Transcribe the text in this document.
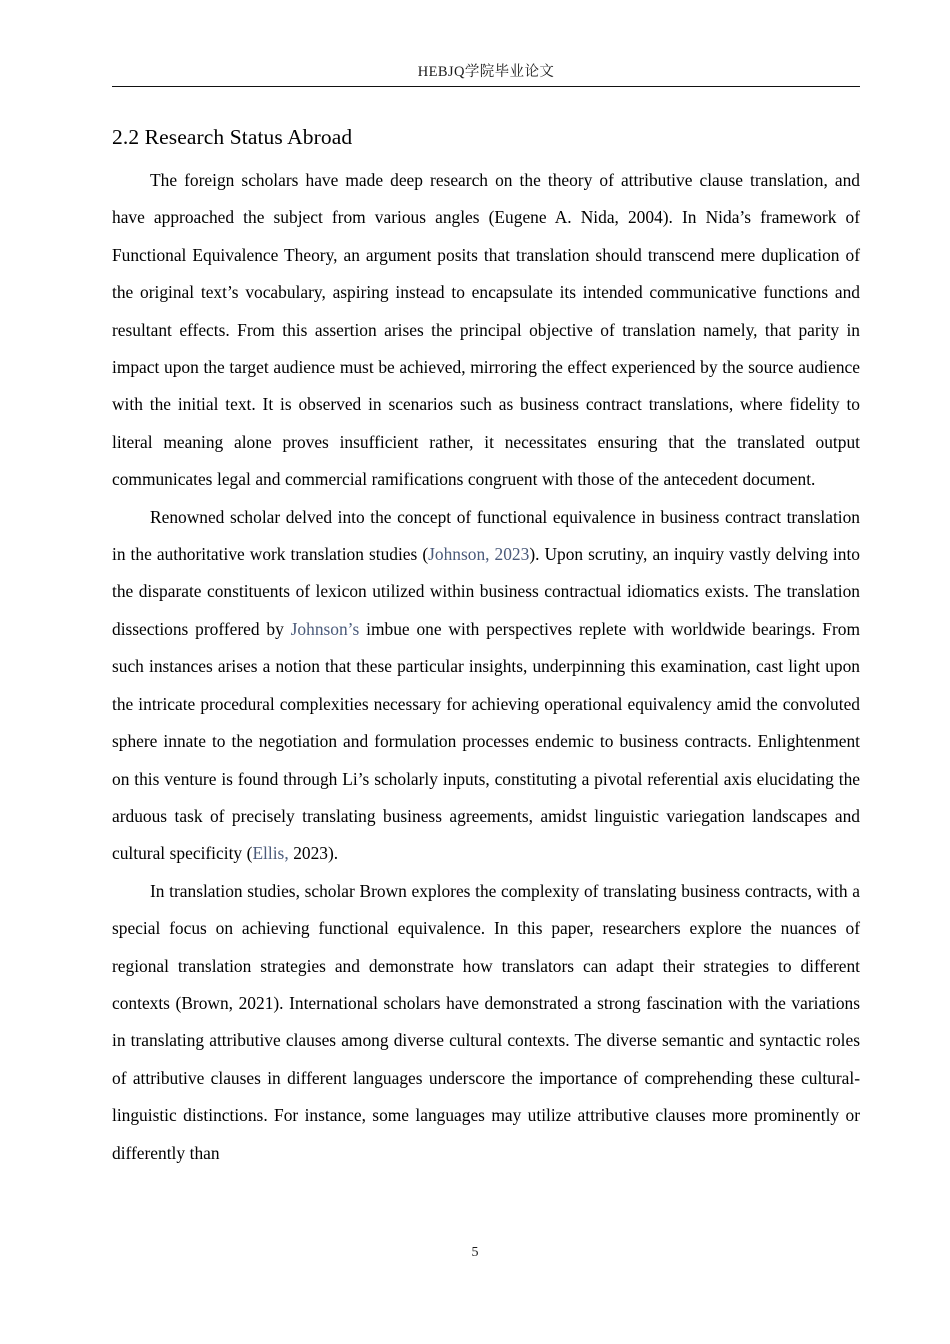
HEBJQ学院毕业论文
2.2 Research Status Abroad

The foreign scholars have made deep research on the theory of attributive clause translation, and have approached the subject from various angles (Eugene A. Nida, 2004). In Nida’s framework of Functional Equivalence Theory, an argument posits that translation should transcend mere duplication of the original text’s vocabulary, aspiring instead to encapsulate its intended communicative functions and resultant effects. From this assertion arises the principal objective of translation namely, that parity in impact upon the target audience must be achieved, mirroring the effect experienced by the source audience with the initial text. It is observed in scenarios such as business contract translations, where fidelity to literal meaning alone proves insufficient rather, it necessitates ensuring that the translated output communicates legal and commercial ramifications congruent with those of the antecedent document.

Renowned scholar delved into the concept of functional equivalence in business contract translation in the authoritative work translation studies (Johnson, 2023). Upon scrutiny, an inquiry vastly delving into the disparate constituents of lexicon utilized within business contractual idiomatics exists. The translation dissections proffered by Johnson’s imbue one with perspectives replete with worldwide bearings. From such instances arises a notion that these particular insights, underpinning this examination, cast light upon the intricate procedural complexities necessary for achieving operational equivalency amid the convoluted sphere innate to the negotiation and formulation processes endemic to business contracts. Enlightenment on this venture is found through Li’s scholarly inputs, constituting a pivotal referential axis elucidating the arduous task of precisely translating business agreements, amidst linguistic variegation landscapes and cultural specificity (Ellis, 2023).

In translation studies, scholar Brown explores the complexity of translating business contracts, with a special focus on achieving functional equivalence. In this paper, researchers explore the nuances of regional translation strategies and demonstrate how translators can adapt their strategies to different contexts (Brown, 2021). International scholars have demonstrated a strong fascination with the variations in translating attributive clauses among diverse cultural contexts. The diverse semantic and syntactic roles of attributive clauses in different languages underscore the importance of comprehending these cultural-linguistic distinctions. For instance, some languages may utilize attributive clauses more prominently or differently than

5
